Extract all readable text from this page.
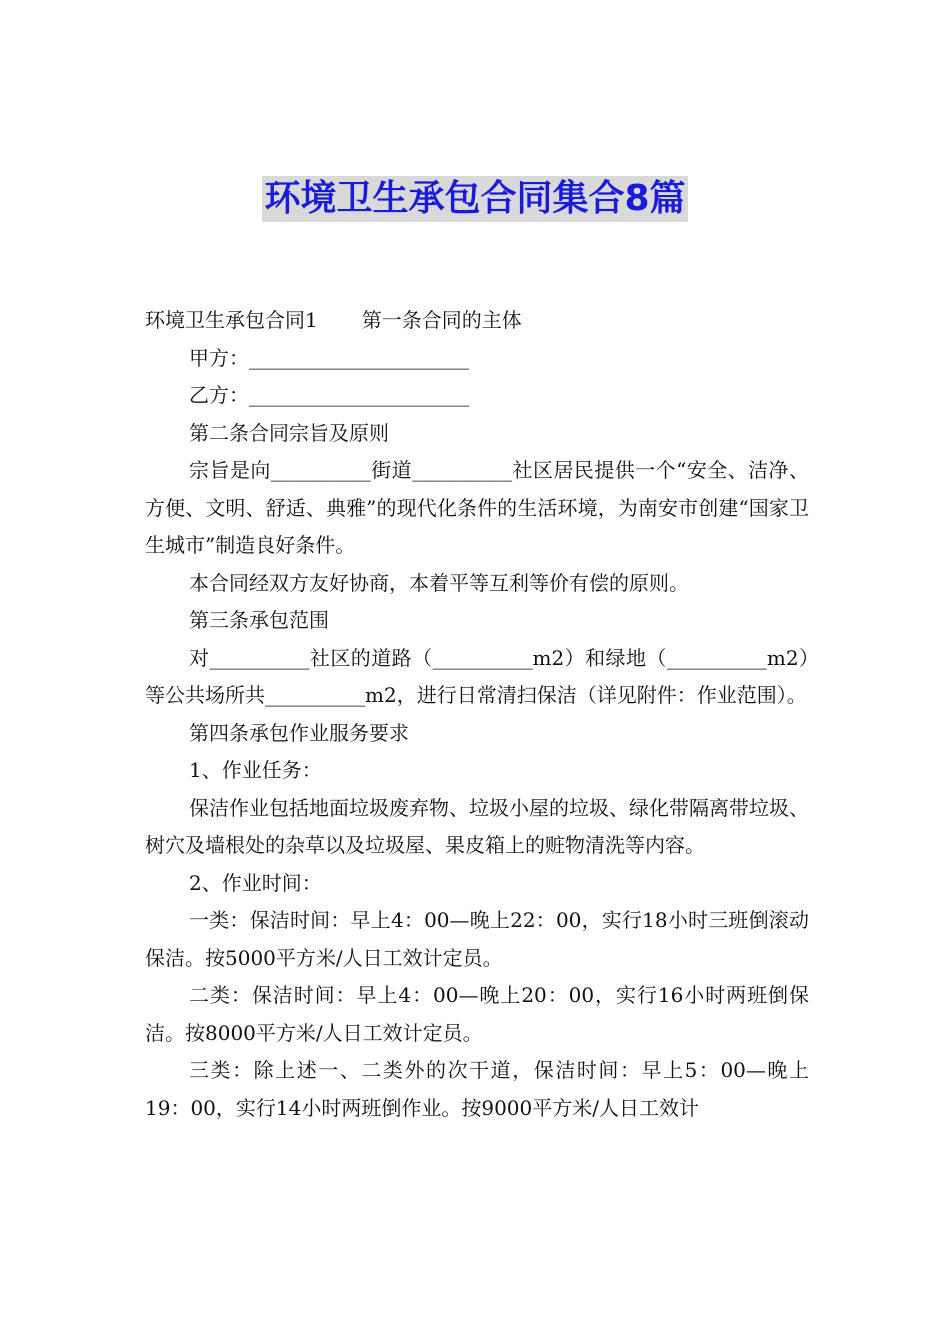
环境卫生承包合同集合8篇

环境卫生承包合同1 第一条合同的主体

甲方：______________________

乙方：______________________

第二条合同宗旨及原则

宗旨是向__________街道__________社区居民提供一个“安全、洁净、方便、文明、舒适、典雅”的现代化条件的生活环境，为南安市创建“国家卫生城市”制造良好条件。

本合同经双方友好协商，本着平等互利等价有偿的原则。

第三条承包范围

对__________社区的道路（__________m2）和绿地（__________m2）等公共场所共__________m2，进行日常清扫保洁（详见附件：作业范围）。

第四条承包作业服务要求

1、作业任务：

保洁作业包括地面垃圾废弃物、垃圾小屋的垃圾、绿化带隔离带垃圾、树穴及墙根处的杂草以及垃圾屋、果皮箱上的赃物清洗等内容。

2、作业时间：

一类：保洁时间：早上4：00—晚上22：00，实行18小时三班倒滚动保洁。按5000平方米/人日工效计定员。

二类：保洁时间：早上4：00—晚上20：00，实行16小时两班倒保洁。按8000平方米/人日工效计定员。

三类：除上述一、二类外的次干道，保洁时间：早上5：00—晚上19：00，实行14小时两班倒作业。按9000平方米/人日工效计
